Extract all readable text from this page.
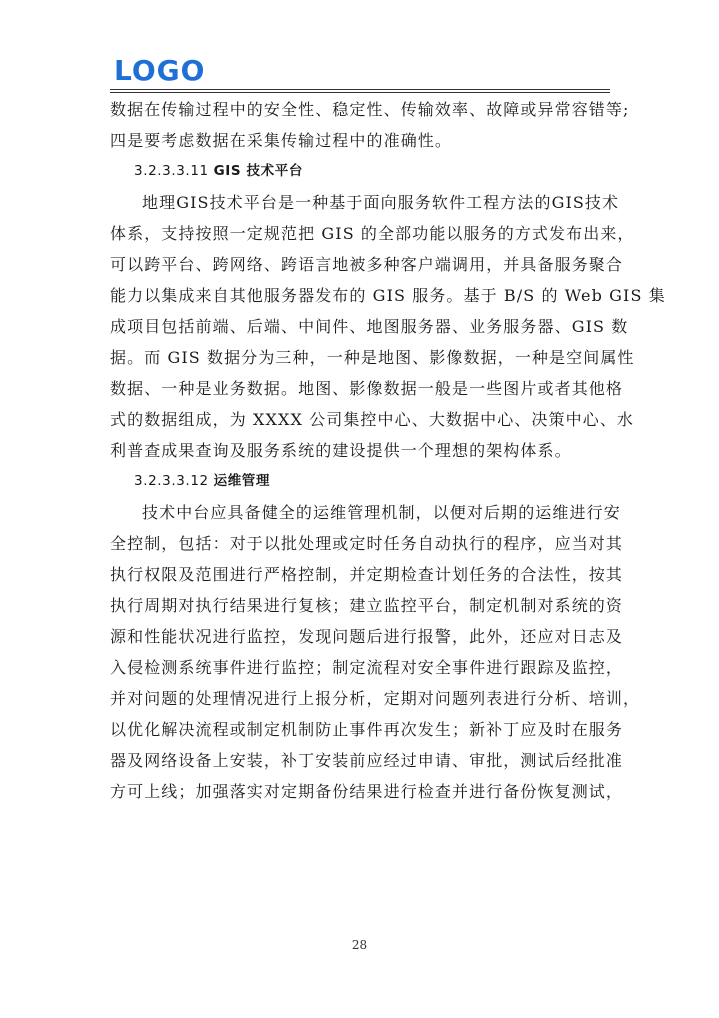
LOGO
数据在传输过程中的安全性、稳定性、传输效率、故障或异常容错等;
四是要考虑数据在采集传输过程中的准确性。
3.2.3.3.11 GIS 技术平台
地理GIS技术平台是一种基于面向服务软件工程方法的GIS技术
体系，支持按照一定规范把 GIS 的全部功能以服务的方式发布出来，
可以跨平台、跨网络、跨语言地被多种客户端调用，并具备服务聚合
能力以集成来自其他服务器发布的 GIS 服务。基于 B/S 的 Web GIS 集
成项目包括前端、后端、中间件、地图服务器、业务服务器、GIS 数
据。而 GIS 数据分为三种，一种是地图、影像数据，一种是空间属性
数据、一种是业务数据。地图、影像数据一般是一些图片或者其他格
式的数据组成，为 XXXX 公司集控中心、大数据中心、决策中心、水
利普查成果查询及服务系统的建设提供一个理想的架构体系。
3.2.3.3.12 运维管理
技术中台应具备健全的运维管理机制，以便对后期的运维进行安
全控制，包括：对于以批处理或定时任务自动执行的程序，应当对其
执行权限及范围进行严格控制，并定期检查计划任务的合法性，按其
执行周期对执行结果进行复核；建立监控平台，制定机制对系统的资
源和性能状况进行监控，发现问题后进行报警，此外，还应对日志及
入侵检测系统事件进行监控；制定流程对安全事件进行跟踪及监控，
并对问题的处理情况进行上报分析，定期对问题列表进行分析、培训，
以优化解决流程或制定机制防止事件再次发生；新补丁应及时在服务
器及网络设备上安装，补丁安装前应经过申请、审批，测试后经批准
方可上线；加强落实对定期备份结果进行检查并进行备份恢复测试，
28
